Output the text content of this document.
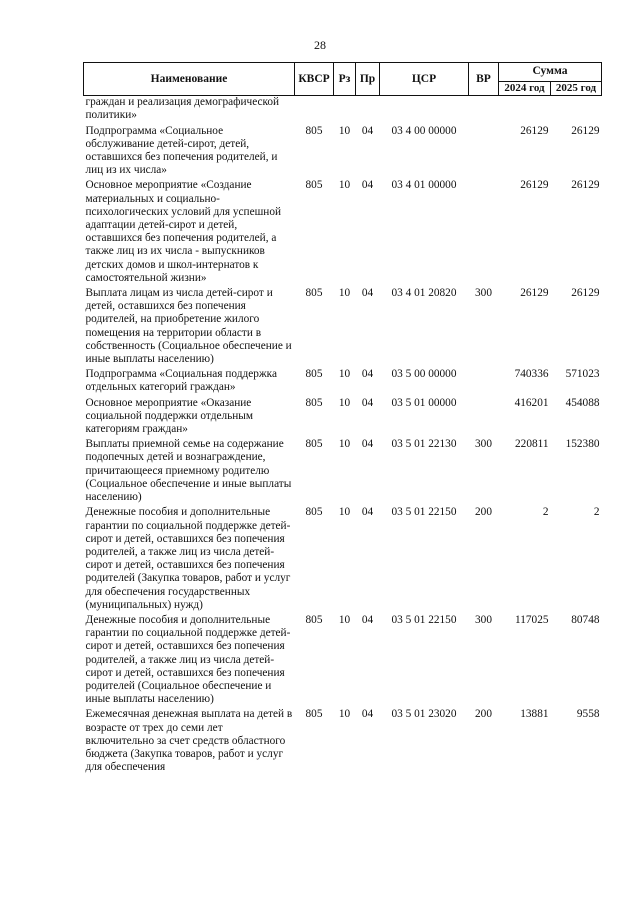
28
Наименование	КВСР	Рз	Пр	ЦСР	ВР	Сумма	
						2024 год	2025 год
граждан и реализация демографической политики»							
Подпрограмма «Социальное обслуживание детей-сирот, детей, оставшихся без попечения родителей, и лиц из их числа»	805	10	04	03 4 00 00000		26129	26129
Основное мероприятие «Создание материальных и социально-психологических условий для успешной адаптации детей-сирот и детей, оставшихся без попечения родителей, а также лиц из их числа - выпускников детских домов и школ-интернатов к самостоятельной жизни»	805	10	04	03 4 01 00000		26129	26129
Выплата лицам из числа детей-сирот и детей, оставшихся без попечения родителей, на приобретение жилого помещения на территории области в собственность (Социальное обеспечение и иные выплаты населению)	805	10	04	03 4 01 20820	300	26129	26129
Подпрограмма «Социальная поддержка отдельных категорий граждан»	805	10	04	03 5 00 00000		740336	571023
Основное мероприятие «Оказание социальной поддержки отдельным категориям граждан»	805	10	04	03 5 01 00000		416201	454088
Выплаты приемной семье на содержание подопечных детей и вознаграждение, причитающееся приемному родителю (Социальное обеспечение и иные выплаты населению)	805	10	04	03 5 01 22130	300	220811	152380
Денежные пособия и дополнительные гарантии по социальной поддержке детей-сирот и детей, оставшихся без попечения родителей, а также лиц из числа детей-сирот и детей, оставшихся без попечения родителей (Закупка товаров, работ и услуг для обеспечения государственных (муниципальных) нужд)	805	10	04	03 5 01 22150	200	2	2
Денежные пособия и дополнительные гарантии по социальной поддержке детей-сирот и детей, оставшихся без попечения родителей, а также лиц из числа детей-сирот и детей, оставшихся без попечения родителей (Социальное обеспечение и иные выплаты населению)	805	10	04	03 5 01 22150	300	117025	80748
Ежемесячная денежная выплата на детей в возрасте от трех до семи лет включительно за счет средств областного бюджета (Закупка товаров, работ и услуг для обеспечения	805	10	04	03 5 01 23020	200	13881	9558
